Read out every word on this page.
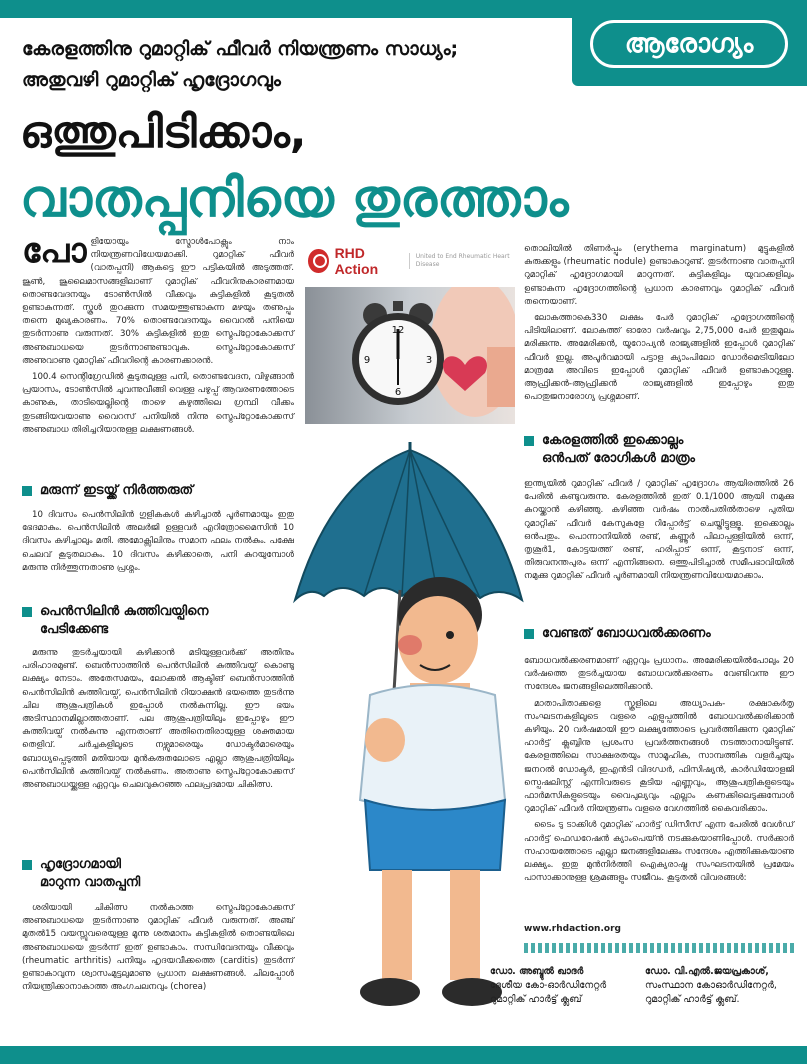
ആരോഗ്യം
കേരളത്തിനു റുമാറ്റിക് ഫീവർ നിയന്ത്രണം സാധ്യം;
അതുവഴി റുമാറ്റിക് ഹൃദ്രോഗവും
ഒത്തുപിടിക്കാം,
വാതപ്പനിയെ തുരത്താം

പോളിയോയും സ്മോൾപോക്സും നാം നിയന്ത്രണവിധേയമാക്കി. റുമാറ്റിക് ഫീവർ (വാതപ്പനി) ആകട്ടെ ഈ പട്ടികയിൽ അടുത്തത്. ജൂൺ, ജൂലൈമാസങ്ങളിലാണ് റുമാറ്റിക് ഫീവറിനുകാരണമായ തൊണ്ടവേദനയും ടോൺസിൽ വീക്കവും കുട്ടികളിൽ കൂടുതൽ ഉണ്ടാകുന്നത്. സ്കൂൾ തുറക്കുന്ന സമയത്തുണ്ടാകുന്ന മഴയും തണുപ്പും തന്നെ മുഖ്യകാരണം. 70% തൊണ്ടവേദനയും വൈറൽ പനിയെ തുടർന്നാണു വരുന്നത്. 30% കുട്ടികളിൽ ഇതു സ്ട്രെപ്റ്റോകോക്കസ് അണുബാധയെ തുടർന്നാണുണ്ടാവുക. സ്ട്രെപ്റ്റോകോക്കസ് അണുവാണു റുമാറ്റിക് ഫീവറിന്റെ കാരണക്കാരൻ.

100.4 സെന്റിഗ്രേഡിൽ കൂടുതലുള്ള പനി, തൊണ്ടവേദന, വിഴുങ്ങാൻ പ്രയാസം, ടോൺസിൽ ചുവന്നുവീങ്ങി വെള്ള പഴുപ്പ് ആവരണത്തോടെ കാണുക, താടിയെല്ലിന്റെ താഴെ കഴുത്തിലെ ഗ്രന്ഥി വീക്കം തുടങ്ങിയവയാണു വൈറസ് പനിയിൽ നിന്നു സ്ട്രെപ്റ്റോകോക്കസ് അണുബാധ തിരിച്ചറിയാനുള്ള ലക്ഷണങ്ങൾ.

മരുന്ന് ഇടയ്ക്ക് നിർത്തരുത്

10 ദിവസം പെൻസിലിൻ ഗുളികകൾ കഴിച്ചാൽ പൂർണമായും ഇതു ഭേദമാകും. പെൻസിലിൻ അലർജി ഉള്ളവർ എറിത്രോമൈസിൻ 10 ദിവസം കഴിച്ചാലും മതി. അമോക്സിലിനും സമാന ഫലം നൽകും. പക്ഷേ ചെലവ് കൂടുതലാകും. 10 ദിവസം കഴിക്കാതെ, പനി കുറയുമ്പോൾ മരുന്നു നിർത്തുന്നതാണു പ്രശ്നം.

പെൻസിലിൻ കുത്തിവയ്പിനെ
പേടിക്കേണ്ട

മരുന്നു തുടർച്ചയായി കഴിക്കാൻ മടിയുള്ളവർക്ക് അതിനും പരിഹാരമുണ്ട്. ബെൻസാത്തിൻ പെൻസിലിൻ കുത്തിവയ്പ് കൊണ്ടു ലക്ഷ്യം നേടാം. അതേസമയം, ലോക്കൽ ആക്ടിങ് ബെൻസാത്തിൻ പെൻസിലിൻ കുത്തിവയ്പ്, പെൻസിലിൻ റിയാക്ഷൻ ഭയത്തെ തുടർന്നു ചില ആശുപത്രികൾ ഇപ്പോൾ നൽകുന്നില്ല. ഈ ഭയം അടിസ്ഥാനമില്ലാത്തതാണ്. പല ആശുപത്രിയിലും ഇപ്പോഴും ഈ കുത്തിവയ്പ് നൽകുന്നു എന്നതാണ് അതിനെതിരായുള്ള ശക്തമായ തെളിവ്. ചർച്ചകളിലൂടെ നഴ്സുമാരെയും ഡോക്ടർമാരെയും ബോധ്യപ്പെടുത്തി മതിയായ മുൻകരുതലോടെ എല്ലാ ആശുപത്രിയിലും പെൻസിലിൻ കുത്തിവയ്പ് നൽകണം. അതാണു സ്ട്രെപ്റ്റോകോക്കസ് അണുബാധയ്ക്കുള്ള ഏറ്റവും ചെലവുകുറഞ്ഞ ഫലപ്രദമായ ചികിത്സ.

ഹൃദ്രോഗമായി
മാറുന്ന വാതപ്പനി

ശരിയായി ചികിത്സ നൽകാത്ത സ്ട്രെപ്റ്റോകോക്കസ് അണുബാധയെ തുടർന്നാണു റുമാറ്റിക് ഫീവർ വരുന്നത്. അഞ്ച് മുതൽ15 വയസ്സുവരെയുള്ള മൂന്നു ശതമാനം കുട്ടികളിൽ തൊണ്ടയിലെ അണുബാധയെ തുടർന്ന് ഇത് ഉണ്ടാകാം. സന്ധിവേദനയും വീക്കവും (rheumatic arthritis) പനിയും ഹൃദയവീക്കത്തെ (carditis) തുടർന്ന് ഉണ്ടാകാവുന്ന ശ്വാസംമുട്ടലുമാണു പ്രധാന ലക്ഷണങ്ങൾ. ചിലപ്പോൾ നിയന്ത്രിക്കാനാകാത്ത അംഗചലനവും (chorea)

RHD Action
United to End Rheumatic Heart Disease
12
3
6
9

തൊലിയിൽ തിണർപ്പും (erythema marginatum) മുട്ടുകളിൽ കുരുക്കളും (rheumatic nodule) ഉണ്ടാകാറുണ്ട്. തുടർന്നാണു വാതപ്പനി റുമാറ്റിക് ഹൃദ്രോഗമായി മാറുന്നത്. കുട്ടികളിലും യുവാക്കളിലും ഉണ്ടാകുന്ന ഹൃദ്രോഗത്തിന്റെ പ്രധാന കാരണവും റുമാറ്റിക് ഫീവർ തന്നെയാണ്.

ലോകത്താകെ330 ലക്ഷം പേർ റുമാറ്റിക് ഹൃദ്രോഗത്തിന്റെ പിടിയിലാണ്. ലോകത്ത് ഓരോ വർഷവും 2,75,000 പേർ ഇതുമൂലം മരിക്കുന്നു. അമേരിക്കൻ, യൂറോപ്യൻ രാജ്യങ്ങളിൽ ഇപ്പോൾ റുമാറ്റിക് ഫീവർ ഇല്ല. അപൂർവമായി പട്ടാള ക്യാംപിലോ ഡോർമെട്രിയിലോ മാത്രമേ അവിടെ ഇപ്പോൾ റുമാറ്റിക് ഫീവർ ഉണ്ടാകാറുള്ളൂ. ആഫ്രിക്കൻ-ആഫ്രിക്കൻ രാജ്യങ്ങളിൽ ഇപ്പോഴും ഇതു പൊതുജനാരോഗ്യ പ്രശ്നമാണ്.

കേരളത്തിൽ ഇക്കൊല്ലം
ഒൻപത് രോഗികൾ മാത്രം

ഇന്ത്യയിൽ റുമാറ്റിക് ഫീവർ / റുമാറ്റിക് ഹൃദ്രോഗം ആയിരത്തിൽ 26 പേരിൽ കണ്ടുവരുന്നു. കേരളത്തിൽ ഇത് 0.1/1000 ആയി നമുക്കു കുറയ്ക്കാൻ കഴിഞ്ഞു. കഴിഞ്ഞ വർഷം നാൽപതിൽതാഴെ പുതിയ റുമാറ്റിക് ഫീവർ കേസുകളേ റിപ്പോർട്ട് ചെയ്തിട്ടുള്ളൂ. ഇക്കൊല്ലം ഒൻപതും. പൊന്നാനിയിൽ രണ്ട്, കണ്ണൂർ പിലാപ്പള്ളിയിൽ ഒന്ന്, തൃശൂർ1, കോട്ടയത്ത് രണ്ട്, ഹരിപ്പാട് ഒന്ന്, കൂട്ടനാട് ഒന്ന്, തിരുവനന്തപുരം ഒന്ന് എന്നിങ്ങനെ. ഒത്തുപിടിച്ചാൽ സമീപഭാവിയിൽ നമുക്കു റുമാറ്റിക് ഫീവർ പൂർണമായി നിയന്ത്രണവിധേയമാക്കാം.

വേണ്ടത് ബോധവൽക്കരണം

ബോധവൽക്കരണമാണ് ഏറ്റവും പ്രധാനം. അമേരിക്കയിൽപോലും 20 വർഷത്തെ തുടർച്ചയായ ബോധവൽക്കരണം വേണ്ടിവന്നു ഈ സന്ദേശം ജനങ്ങളിലെത്തിക്കാൻ.

മാതാപിതാക്കളെ സ്കൂളിലെ അധ്യാപക- രക്ഷാകർതൃ സംഘടനകളിലൂടെ വളരെ എളുപ്പത്തിൽ ബോധവൽക്കരിക്കാൻ കഴിയും. 20 വർഷമായി ഈ ലക്ഷ്യത്തോടെ പ്രവർത്തിക്കുന്ന റുമാറ്റിക് ഹാർട്ട് ക്ലബ്ബിനു പ്രശംസ പ്രവർത്തനങ്ങൾ നടത്താനായിട്ടുണ്ട്. കേരളത്തിലെ സാക്ഷരതയും സാമൂഹിക, സാമ്പത്തിക വളർച്ചയും ജനറൽ ഡോക്ടർ, ഇഎൻടി വിദഗ്ധർ, ഫിസിഷ്യൻ, കാർഡിയോളജി സ്പെഷലിസ്റ്റ് എന്നിവരുടെ കൂടിയ എണ്ണവും, ആശുപത്രികളുടെയും ഫാർമസികളുടെയും വൈപുല്യവും എല്ലാം കണക്കിലെടുക്കുമ്പോൾ റുമാറ്റിക് ഫീവർ നിയന്ത്രണം വളരെ വേഗത്തിൽ കൈവരിക്കാം.

ടൈം ടു ടാക്കിൾ റുമാറ്റിക് ഹാർട്ട് ഡിസീസ് എന്ന പേരിൽ വേൾഡ് ഹാർട്ട് ഫെഡറേഷൻ ക്യാംപെയ്ൻ നടക്കുകയാണിപ്പോൾ. സർക്കാർ സഹായത്തോടെ എല്ലാ ജനങ്ങളിലേക്കും സന്ദേശം എത്തിക്കുകയാണു ലക്ഷ്യം. ഇതു മുൻനിർത്തി ഐക്യരാഷ്ട്ര സംഘടനയിൽ പ്രമേയം പാസാക്കാനുള്ള ശ്രമങ്ങളും സജീവം. കൂടുതൽ വിവരങ്ങൾ:

www.rhdaction.org
ഡോ. അബ്ദുൽ ഖാദർ
ദേശീയ കോ-ഓർഡിനേറ്റർ
റുമാറ്റിക് ഹാർട്ട് ക്ലബ്
ഡോ. വി.എൽ.ജയപ്രകാശ്,
സംസ്ഥാന കോഓർഡിനേറ്റർ,
റുമാറ്റിക് ഹാർട്ട് ക്ലബ്.
